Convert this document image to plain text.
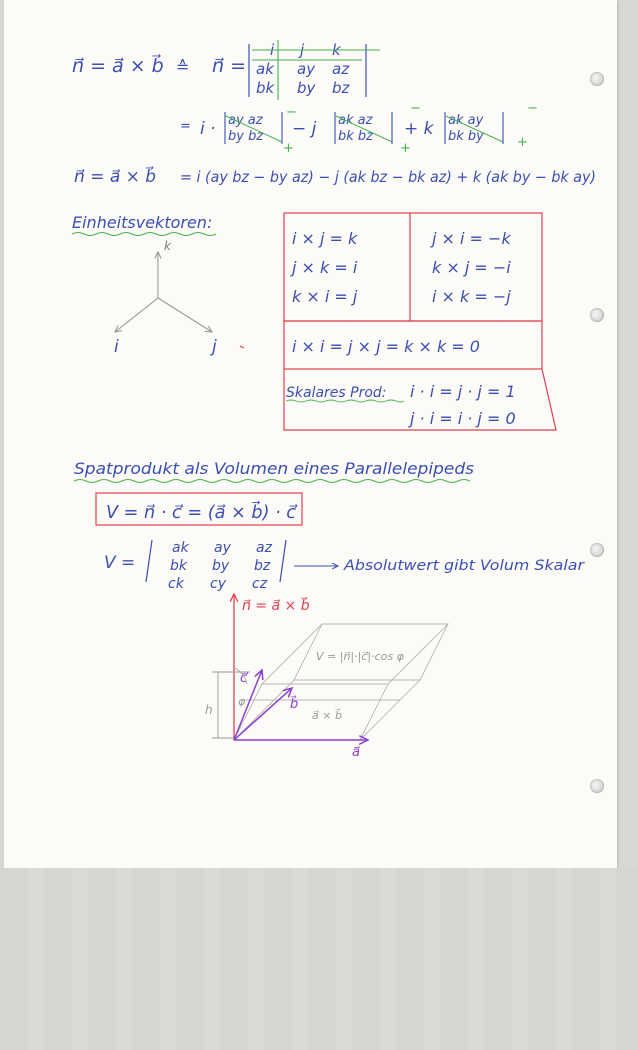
n⃗ = a⃗ × b⃗ ≙ n⃗ =
i j k
ak ay az
bk by bz
= i · ay az
by bz − j ak az
bk bz + k ak ay
bk by
−
+
−
+
−
+
n⃗ = a⃗ × b⃗ = i (ay bz − by az) − j (ak bz − bk az) + k (ak by − bk ay)
Einheitsvektoren:
k
i	j
i × j = k
j × k = i
k × i = j
j × i = −k
k × j = −i
i × k = −j
i × i = j × j = k × k = 0
Skalares Prod: i · i = j · j = 1
j · i = i · j = 0
Spatprodukt als Volumen eines Parallelepipeds
V = n⃗ · c⃗ = (a⃗ × b⃗) · c⃗
V =
ak ay az
bk by bz
ck cy cz
Absolutwert gibt Volum Skalar
n⃗ = a⃗ × b⃗
V = |n⃗|·|c⃗|·cos φ
h
φ
c⃗
b⃗
a⃗
a⃗ × b⃗
